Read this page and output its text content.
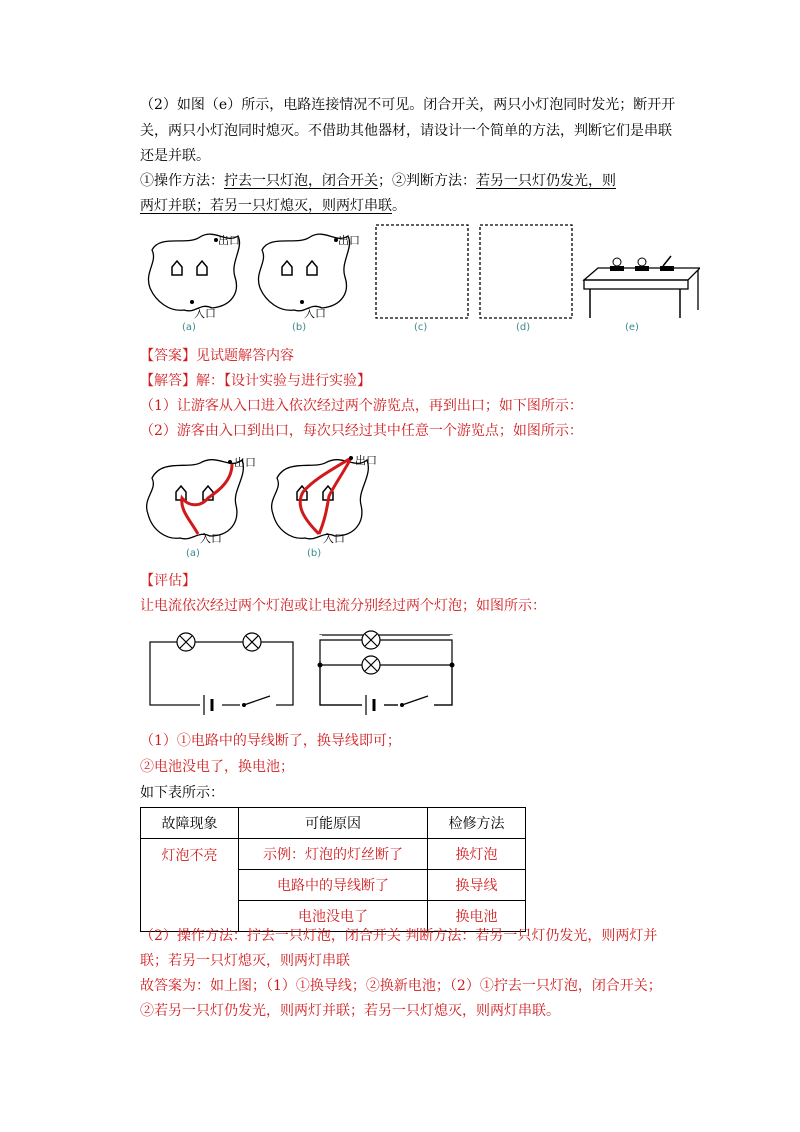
（2）如图（e）所示，电路连接情况不可见。闭合开关，两只小灯泡同时发光；断开开
关，两只小灯泡同时熄灭。不借助其他器材，请设计一个简单的方法，判断它们是串联
还是并联。
①操作方法：拧去一只灯泡，闭合开关；②判断方法：若另一只灯仍发光，则
两灯并联；若另一只灯熄灭，则两灯串联。
出口
入口
(a)
出口
入口
(b)	(c)	(d)	(e)
【答案】见试题解答内容
【解答】解：【设计实验与进行实验】
（1）让游客从入口进入依次经过两个游览点，再到出口；如下图所示：
（2）游客由入口到出口，每次只经过其中任意一个游览点；如图所示：
出口
入口
(a)
出口
入口
(b)
【评估】
让电流依次经过两个灯泡或让电流分别经过两个灯泡；如图所示：
（1）①电路中的导线断了，换导线即可；
②电池没电了，换电池；
如下表所示：
故障现象	可能原因	检修方法
灯泡不亮	示例：灯泡的灯丝断了	换灯泡
	电路中的导线断了	换导线
	电池没电了	换电池
（2）操作方法：拧去一只灯泡，闭合开关 判断方法：若另一只灯仍发光，则两灯并
联；若另一只灯熄灭，则两灯串联
故答案为：如上图；（1）①换导线；②换新电池；（2）①拧去一只灯泡，闭合开关；
②若另一只灯仍发光，则两灯并联；若另一只灯熄灭，则两灯串联。
